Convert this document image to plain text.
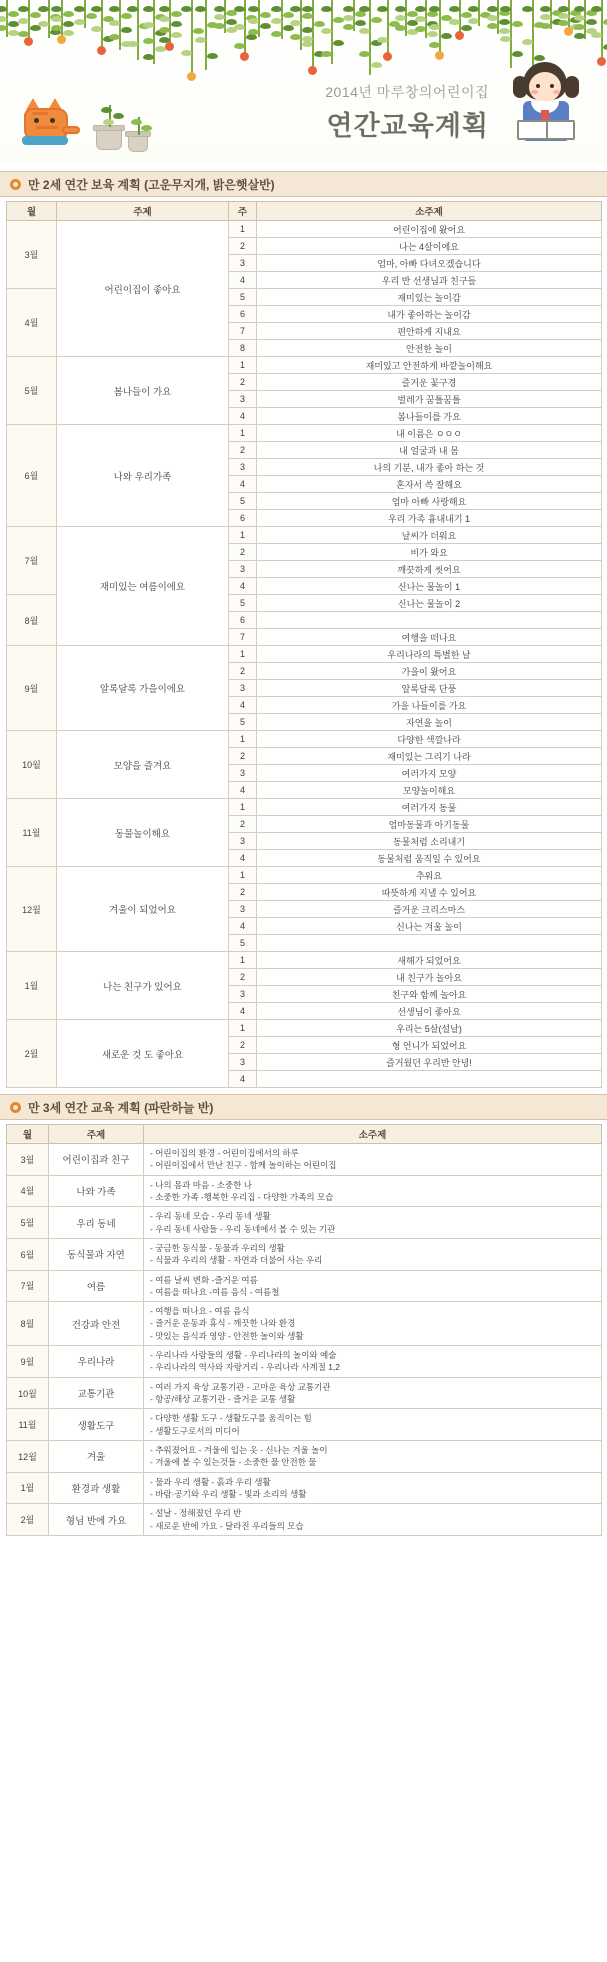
2014년 마루창의어린이집
연간교육계획
만 2세 연간 보육 계획 (고운무지개, 밝은햇살반)
월	주제	주	소주제
3월	어린이집이 좋아요	1	어린이집에 왔어요
		2	나는 4살이에요
		3	엄마, 아빠 다녀오겠습니다
		4	우리 반 선생님과 친구들
4월		5	재미있는 놀이감
		6	내가 좋아하는 놀이감
		7	편안하게 지내요
		8	안전한 놀이
5월	봄나들이 가요	1	재미있고 안전하게 바깥놀이해요
		2	즐거운 꽃구경
		3	벌레가 꿈틀꿈틀
		4	봄나들이를 가요
6월	나와 우리가족	1	내 이름은 ㅇㅇㅇ
		2	내 얼굴과 내 몸
		3	나의 기분, 내가 좋아 하는 것
		4	혼자서 쓱 잘해요
		5	엄마 아빠 사랑해요
		6	우리 가족 흉내내기 1
7월	재미있는 여름이에요	1	날씨가 더워요
		2	비가 와요
		3	깨끗하게 씻어요
		4	신나는 물놀이 1
8월		5	신나는 물놀이 2
		6	
		7	여행을 떠나요
9월	알록달록 가을이에요	1	우리나라의 특별한 날
		2	가을이 왔어요
		3	알록달록 단풍
		4	가을 나들이를 가요
		5	자연을 놀이
10월	모양을 즐겨요	1	다양한 색깔나라
		2	재미있는 그리기 나라
		3	여러가지 모양
		4	모양놀이해요
11월	동물놀이해요	1	여러가지 동물
		2	엄마동물과 아기동물
		3	동물처럼 소리내기
		4	동물처럼 움직일 수 있어요
12월	겨울이 되었어요	1	추워요
		2	따뜻하게 지낼 수 있어요
		3	즐거운 크리스마스
		4	신나는 겨울 놀이
		5	
1월	나는 친구가 있어요	1	새해가 되었어요
		2	내 친구가 놀아요
		3	친구와 함께 놀아요
		4	선생님이 좋아요
2월	새로운 것 도 좋아요	1	우리는 5살(설날)
		2	형 언니가 되었어요
		3	즐거웠던 우리반 안녕!
		4	
만 3세 연간 교육 계획 (파란하늘 반)
월	주제	소주제
3월	어린이집과 친구	- 어린이집의 환경 - 어린이집에서의 하루
- 어린이집에서 만난 친구 - 함께 놀이하는 어린이집
4월	나와 가족	- 나의 몸과 마음 - 소중한 나
- 소중한 가족 -행복한 우리집 - 다양한 가족의 모습
5월	우리 동네	- 우리 동네 모습 - 우리 동네 생활
- 우리 동네 사람들 - 우리 동네에서 볼 수 있는 기관
6월	동식물과 자연	- 궁금한 동식물 - 동물과 우리의 생활
- 식물과 우리의 생활 - 자연과 더불어 사는 우리
7월	여름	- 여름 날씨 변화 -즐거운 여름
- 여름을 떠나요 -여름 음식 - 여름철
8월	건강과 안전	- 여행을 떠나요 - 여름 음식
- 즐거운 운동과 휴식 - 깨끗한 나와 환경
- 맛있는 음식과 영양 - 안전한 놀이와 생활
9월	우리나라	- 우리나라 사람들의 생활 - 우리나라의 놀이와 예술
- 우리나라의 역사와 자랑거리 - 우리나라 사계절 1,2
10월	교통기관	- 여러 가지 육상 교통기관 - 고마운 육상 교통기관
- 항공/해상 교통기관 - 즐거운 교통 생활
11월	생활도구	- 다양한 생활 도구 - 생활도구를 움직이는 힘
- 생활도구로서의 미디어
12월	겨울	- 추워졌어요 - 겨울에 입는 옷 - 신나는 겨울 놀이
- 겨울에 볼 수 있는것들 - 소중한 물 안전한 물
1월	환경과 생활	- 물과 우리 생활 - 흙과 우리 생활
- 바람·공기와 우리 생활 - 빛과 소리의 생활
2월	형님 반에 가요	- 설날 - 정해졌던 우리 반
- 새로운 반에 가요 - 달라진 우리들의 모습
